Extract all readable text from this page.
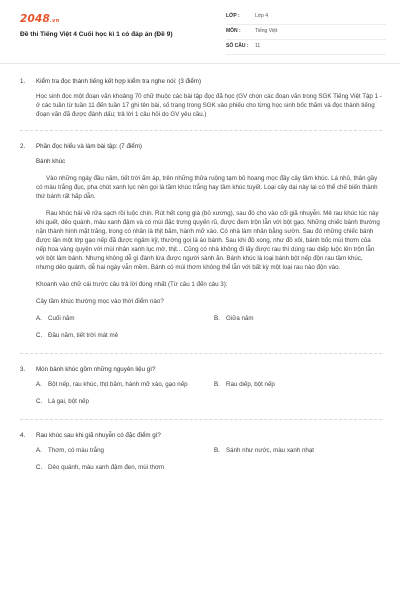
2048.vn
Đề thi Tiếng Việt 4 Cuối học kì 1 có đáp án (Đề 9)
LỚP :	Lớp 4
MÔN :	Tiếng Việt
SỐ CÂU :	11
1.	Kiểm tra đọc thành tiếng kết hợp kiểm tra nghe nói: (3 điểm)

Học sinh đọc một đoạn văn khoảng 70 chữ thuộc các bài tập đọc đã học (GV chọn các đoạn văn trong SGK Tiếng Việt Tập 1 - ở các tuần từ tuần 11 đến tuần 17 ghi tên bài, số trang trong SGK vào phiếu cho từng học sinh bốc thăm và đọc thành tiếng đoạn văn đã được đánh dấu; trả lời 1 câu hỏi do GV yêu cầu.)

2.	Phần đọc hiểu và làm bài tập: (7 điểm)

Bánh khúc

Vào những ngày đầu năm, tiết trời ấm áp, trên những thửa ruộng tạm bỏ hoang mọc đầy cây tầm khúc. Lá nhỏ, thân gầy có màu trắng đục, pha chút xanh lục nên gọi là tầm khúc trắng hay tầm khúc tuyết. Loại cây dại này lại có thể chế biến thành thứ bánh rất hấp dẫn.

Rau khúc hái về rửa sạch rồi luộc chín. Rút hết cọng già (bỏ xương), sau đó cho vào cối giã nhuyễn. Mẻ rau khúc lúc này khi quết, dẻo quánh, màu xanh đậm và có mùi đặc trưng quyến rũ, được đem trộn lẫn với bột gạo. Những chiếc bánh thường nặn thành hình mặt trăng, trong có nhân là thịt băm, hành mỡ xào. Có nhà làm nhân bằng sườn. Sau đó những chiếc bánh được lăn một lớp gạo nếp đã được ngâm kỹ, thường gọi là áo bánh. Sau khi đồ xong, như đồ xôi, bánh bốc mùi thơm của nếp hoa vàng quyện với mùi nhân xanh lục mờ, thịt... Cũng có nhà không đi lấy được rau thì dùng rau diếp luộc lên trộn lẫn với bột làm bánh. Nhưng không dễ gì đánh lừa được người sành ăn. Bánh khúc là loại bánh bột nếp độn rau tầm khúc, nhưng dẻo quánh, dễ hai ngày vẫn mềm. Bánh có mùi thơm không thể lẫn với bất kỳ một loại rau nào độn vào.

Khoanh vào chữ cái trước câu trả lời đúng nhất (Từ câu 1 đến câu 3):

Cây tầm khúc thường mọc vào thời điểm nào?

A. Cuối năm	B. Giữa năm
C. Đầu năm, tiết trời mát mẻ
3.	Món bánh khúc gồm những nguyên liệu gì?
A. Bột nếp, rau khúc, thịt băm, hành mỡ xào, gạo nếp	B. Rau diếp, bột nếp
C. Lá gai, bột nếp
4.	Rau khúc sau khi giã nhuyễn có đặc điểm gì?
A. Thơm, có màu trắng	B. Sánh như nước, màu xanh nhạt
C. Dẻo quánh, màu xanh đậm đen, mùi thơm
